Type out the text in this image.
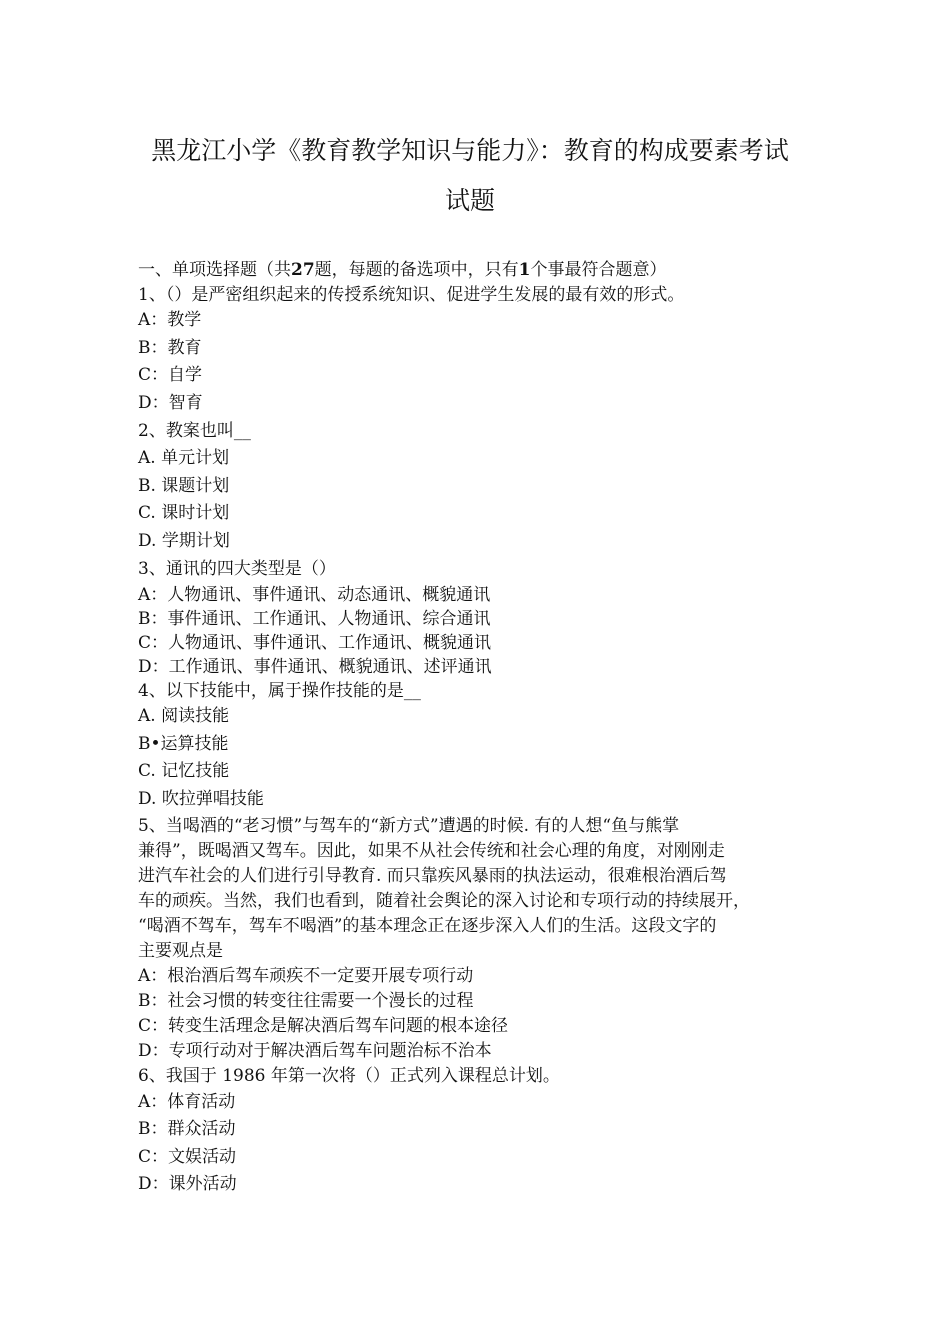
黑龙江小学《教育教学知识与能力》：教育的构成要素考试
试题
一、单项选择题（共27题，每题的备选项中，只有1个事最符合题意）
1、（）是严密组织起来的传授系统知识、促进学生发展的最有效的形式。
A：教学
B：教育
C：自学
D：智育
2、教案也叫__
A. 单元计划
B. 课题计划
C. 课时计划
D. 学期计划
3、通讯的四大类型是（）
A：人物通讯、事件通讯、动态通讯、概貌通讯
B：事件通讯、工作通讯、人物通讯、综合通讯
C：人物通讯、事件通讯、工作通讯、概貌通讯
D：工作通讯、事件通讯、概貌通讯、述评通讯
4、以下技能中，属于操作技能的是__
A. 阅读技能
B•运算技能
C. 记忆技能
D. 吹拉弹唱技能
5、当喝酒的“老习惯”与驾车的“新方式”遭遇的时候. 有的人想“鱼与熊掌
兼得”，既喝酒又驾车。因此，如果不从社会传统和社会心理的角度，对刚刚走
进汽车社会的人们进行引导教育. 而只靠疾风暴雨的执法运动，很难根治酒后驾
车的顽疾。当然，我们也看到，随着社会舆论的深入讨论和专项行动的持续展开，
“喝酒不驾车，驾车不喝酒”的基本理念正在逐步深入人们的生活。这段文字的
主要观点是
A：根治酒后驾车顽疾不一定要开展专项行动
B：社会习惯的转变往往需要一个漫长的过程
C：转变生活理念是解决酒后驾车问题的根本途径
D：专项行动对于解决酒后驾车问题治标不治本
6、我国于 1986 年第一次将（）正式列入课程总计划。
A：体育活动
B：群众活动
C：文娱活动
D：课外活动
